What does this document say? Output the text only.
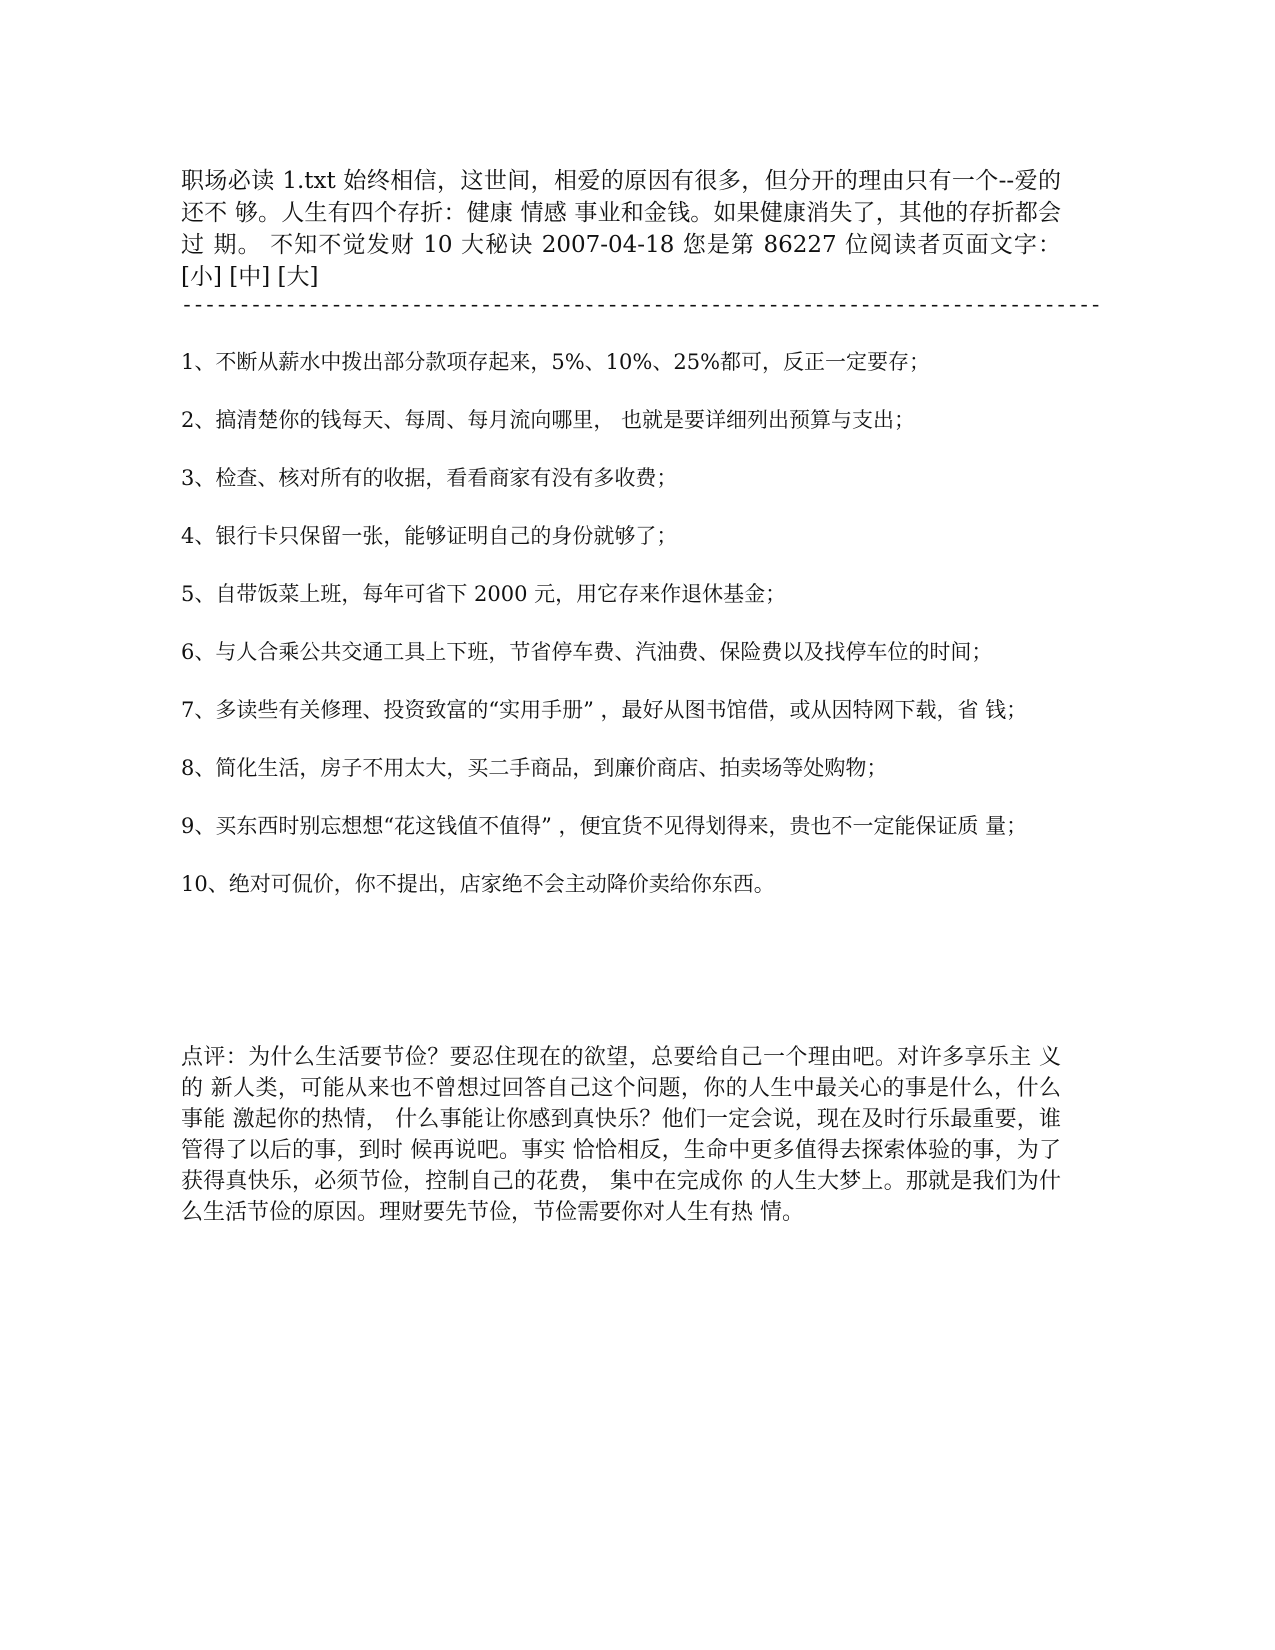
职场必读 1.txt 始终相信，这世间，相爱的原因有很多，但分开的理由只有一个--爱的还不 够。人生有四个存折：健康 情感 事业和金钱。如果健康消失了，其他的存折都会过 期。 不知不觉发财 10 大秘诀 2007-04-18 您是第 86227 位阅读者页面文字： [小] [中] [大]

--------------------------------------------------------------------------------
1、不断从薪水中拨出部分款项存起来，5%、10%、25%都可，反正一定要存；
2、搞清楚你的钱每天、每周、每月流向哪里， 也就是要详细列出预算与支出；
3、检查、核对所有的收据，看看商家有没有多收费；
4、银行卡只保留一张，能够证明自己的身份就够了；
5、自带饭菜上班，每年可省下 2000 元，用它存来作退休基金；
6、与人合乘公共交通工具上下班，节省停车费、汽油费、保险费以及找停车位的时间；
7、多读些有关修理、投资致富的“实用手册” ，最好从图书馆借，或从因特网下载，省 钱；
8、简化生活，房子不用太大，买二手商品，到廉价商店、拍卖场等处购物；
9、买东西时别忘想想“花这钱值不值得” ，便宜货不见得划得来，贵也不一定能保证质 量；
10、绝对可侃价，你不提出，店家绝不会主动降价卖给你东西。

点评：为什么生活要节俭？要忍住现在的欲望，总要给自己一个理由吧。对许多享乐主 义的 新人类，可能从来也不曾想过回答自己这个问题，你的人生中最关心的事是什么，什么事能 激起你的热情， 什么事能让你感到真快乐？他们一定会说，现在及时行乐最重要，谁管得了以后的事，到时 候再说吧。事实 恰恰相反，生命中更多值得去探索体验的事，为了获得真快乐，必须节俭，控制自己的花费， 集中在完成你 的人生大梦上。那就是我们为什么生活节俭的原因。理财要先节俭，节俭需要你对人生有热 情。
